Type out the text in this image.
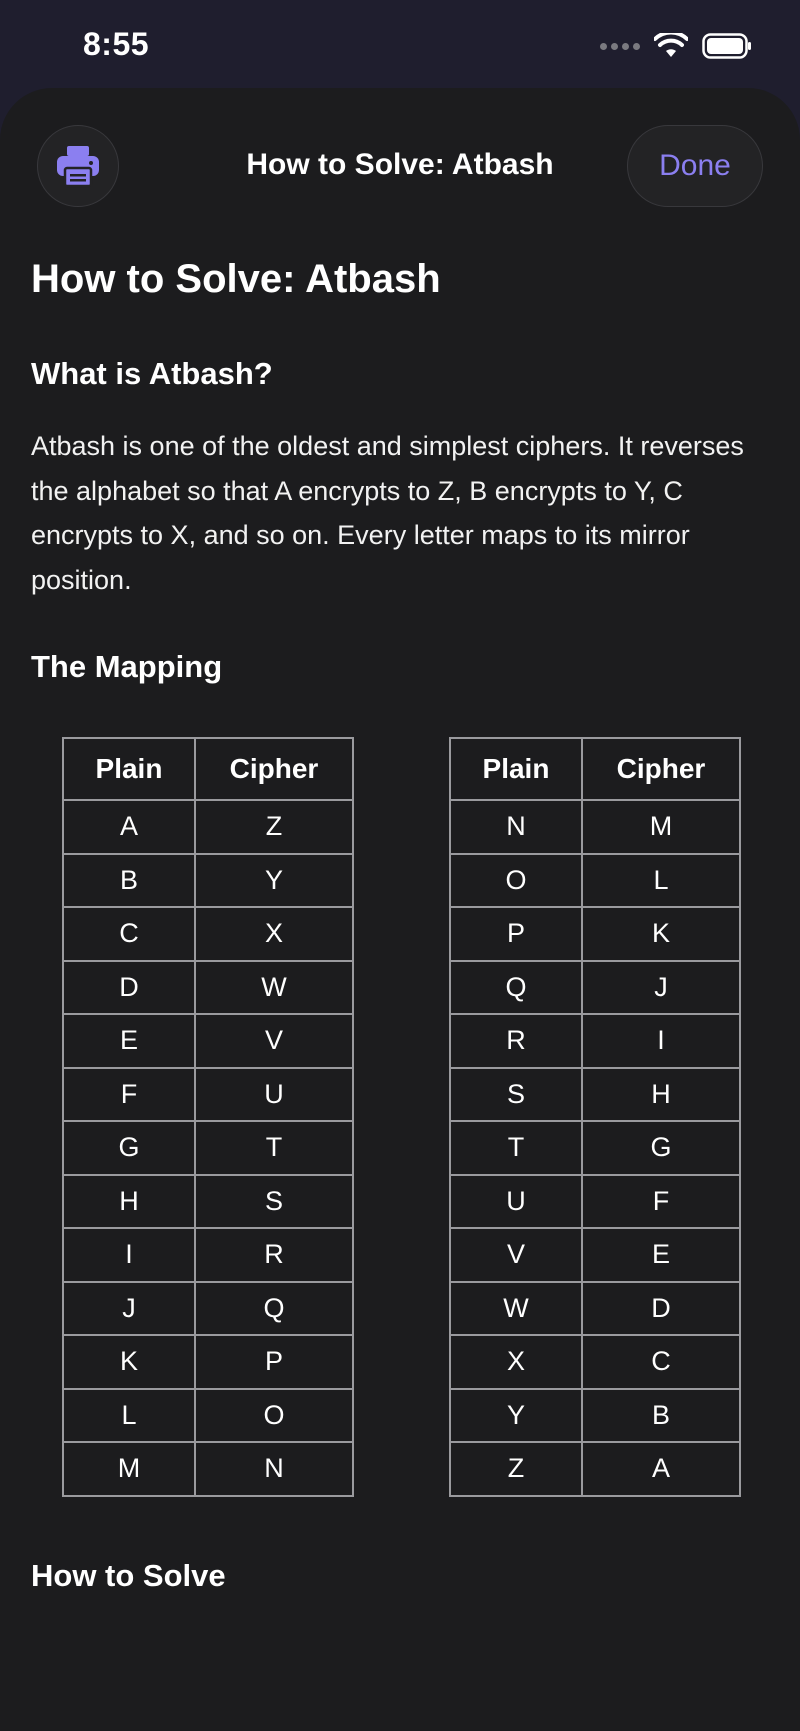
8:55
How to Solve: Atbash	Done
How to Solve: Atbash
What is Atbash?
Atbash is one of the oldest and simplest ciphers. It reverses the alphabet so that A encrypts to Z, B encrypts to Y, C encrypts to X, and so on. Every letter maps to its mirror position.
The Mapping
Plain	Cipher
A	Z
B	Y
C	X
D	W
E	V
F	U
G	T
H	S
I	R
J	Q
K	P
L	O
M	N
Plain	Cipher
N	M
O	L
P	K
Q	J
R	I
S	H
T	G
U	F
V	E
W	D
X	C
Y	B
Z	A
How to Solve
